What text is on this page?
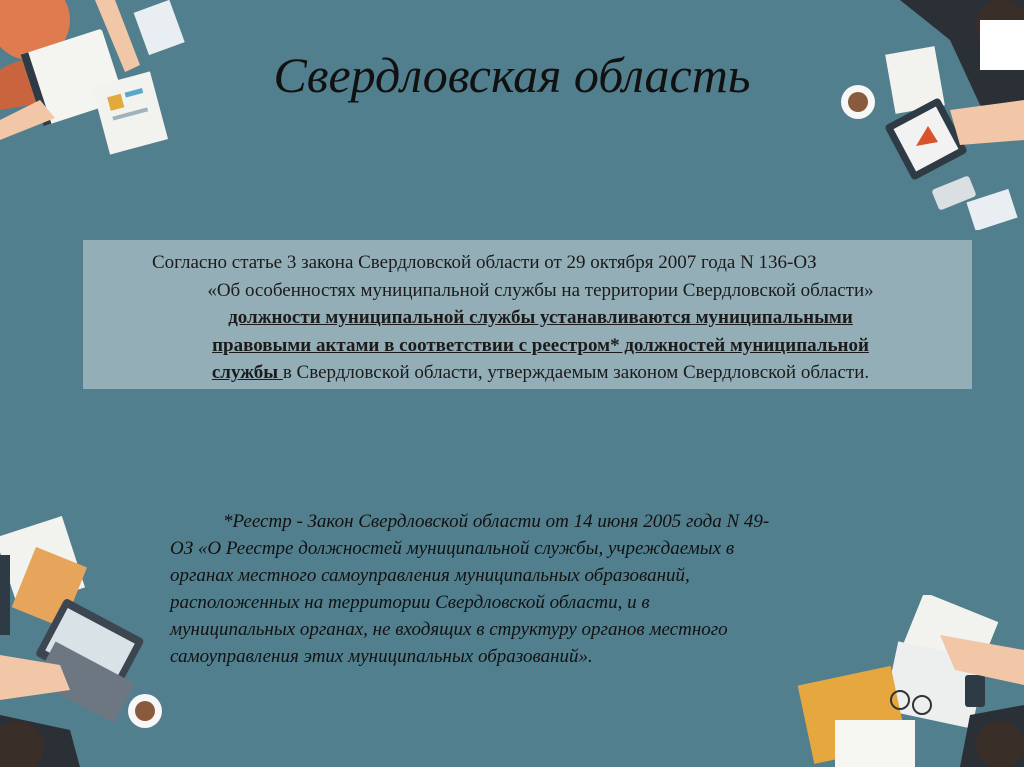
Свердловская область
Согласно статье 3 закона Свердловской области от 29 октября 2007 года N 136-ОЗ
«Об особенностях муниципальной службы на территории Свердловской области»
должности муниципальной службы устанавливаются муниципальными
правовыми актами в соответствии с реестром* должностей муниципальной
службы в Свердловской области, утверждаемым законом Свердловской области.
*Реестр - Закон Свердловской области от 14 июня 2005 года N 49-
ОЗ «О Реестре должностей муниципальной службы, учреждаемых в
органах местного самоуправления муниципальных образований,
расположенных на территории Свердловской области, и в
муниципальных органах, не входящих в структуру органов местного
самоуправления этих муниципальных образований».
